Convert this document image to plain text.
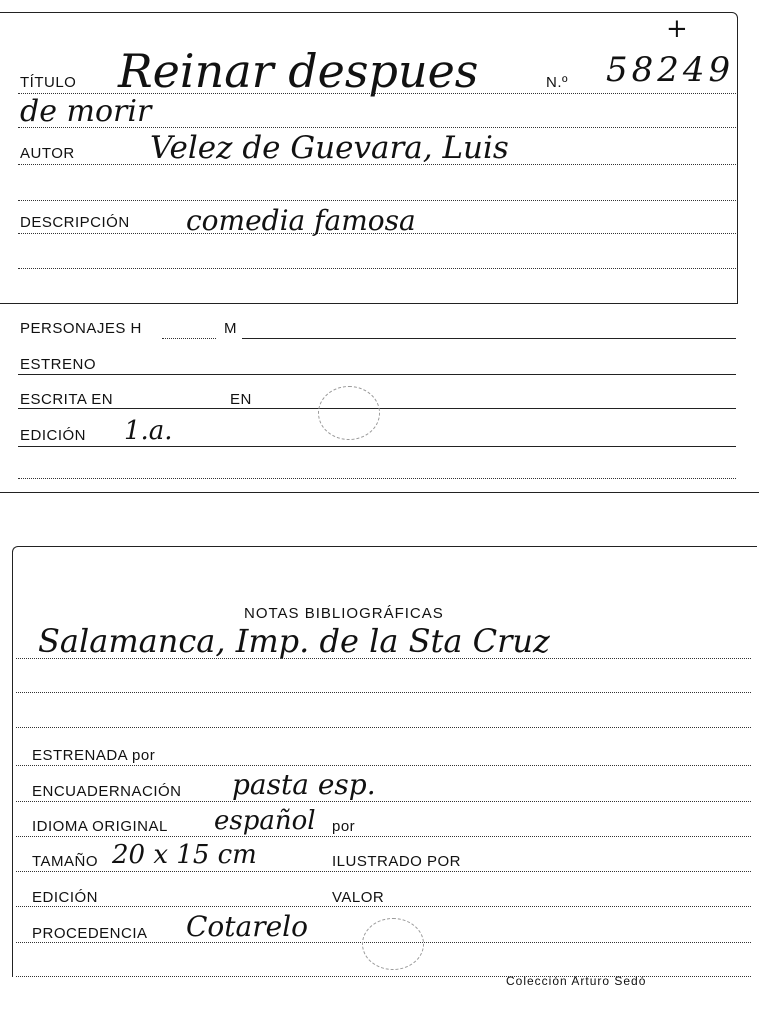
+
TÍTULO Reinar despues	N.º 58249
de morir
AUTOR Velez de Guevara, Luis
DESCRIPCIÓN comedia famosa
PERSONAJES H	M
ESTRENO
ESCRITA EN	EN
EDICIÓN 1.a.
NOTAS BIBLIOGRÁFICAS
Salamanca, Imp. de la Sta Cruz
ESTRENADA por
ENCUADERNACIÓN pasta esp.
IDIOMA ORIGINAL español por
TAMAÑO 20 x 15 cm	ILUSTRADO POR
EDICIÓN	VALOR
PROCEDENCIA Cotarelo
Colección Arturo Sedó
